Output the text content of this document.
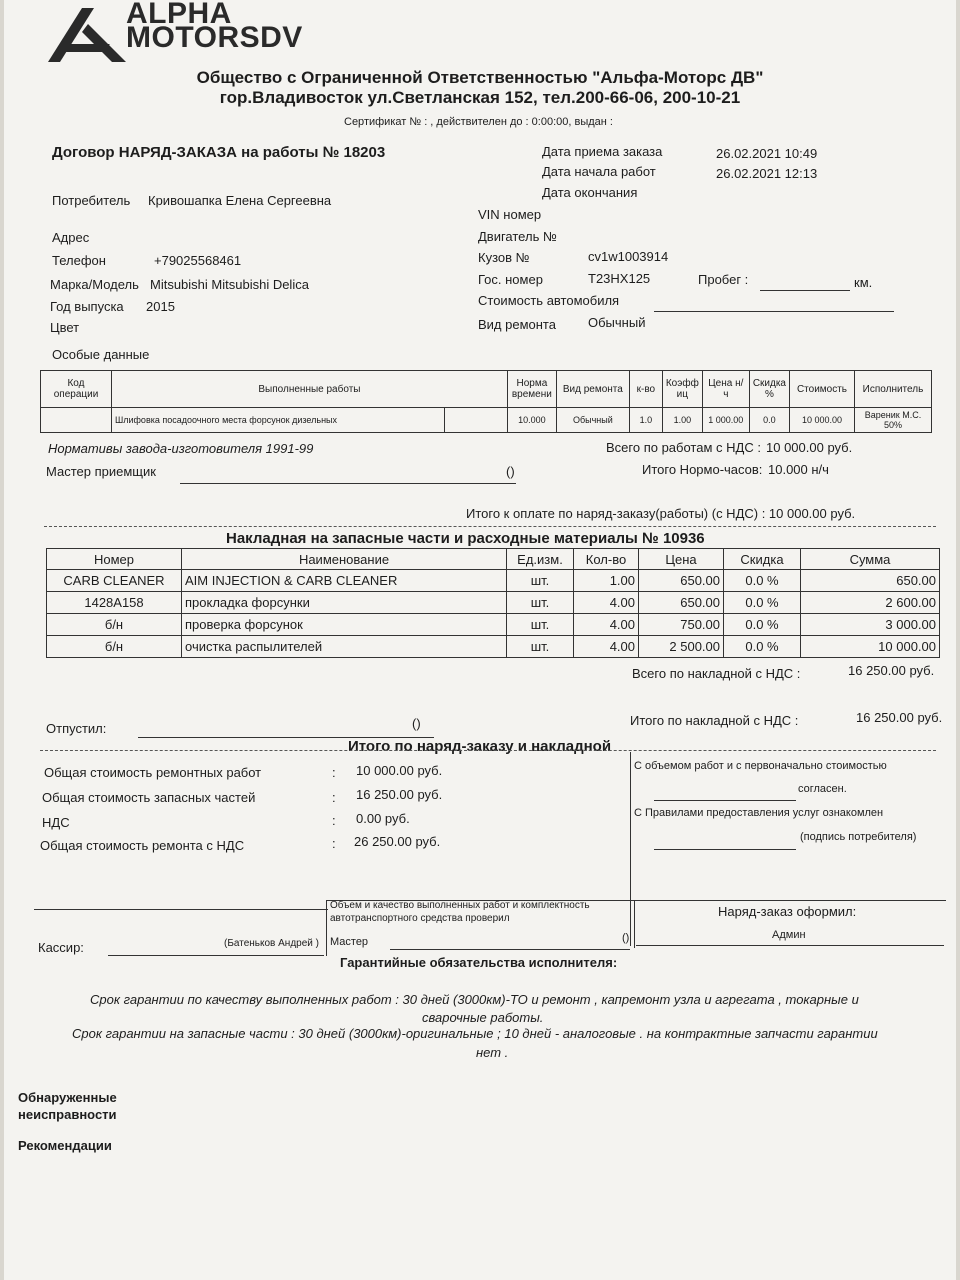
ALPHA
MOTORSDV
Общество с Ограниченной Ответственностью "Альфа-Моторс ДВ"
гор.Владивосток ул.Светланская 152, тел.200-66-06, 200-10-21
Сертификат № : , действителен до : 0:00:00, выдан :
Договор НАРЯД-ЗАКАЗА на работы № 18203	Дата приема заказа	26.02.2021 10:49
Дата начала работ	26.02.2021 12:13
Дата окончания
Потребитель Кривошапка Елена Сергеевна
Адрес
Телефон	+79025568461
Марка/Модель Mitsubishi Mitsubishi Delica
Год выпуска 2015
Цвет
Особые данные
VIN номер
Двигатель №
Кузов №	cv1w1003914
Гос. номер	Т23НХ125	Пробег :	км.
Стоимость автомобиля
Вид ремонта Обычный
Код операции	Выполненные работы		Норма времени	Вид ремонта	к-во	Коэфф иц	Цена н/ч	Скидка %	Стоимость	Исполнитель
	Шлифовка посадоочного места форсунок дизельных		10.000	Обычный	1.0	1.00	1 000.00	0.0	10 000.00	Вареник М.С. 50%
Нормативы завода-изготовителя 1991-99	Всего по работам с НДС : 10 000.00 руб.
Мастер приемщик	()	Итого Нормо-часов: 10.000 н/ч
Итого к оплате по наряд-заказу(работы) (с НДС) : 10 000.00 руб.
Накладная на запасные части и расходные материалы № 10936
Номер	Наименование	Ед.изм.	Кол-во	Цена	Скидка	Сумма
CARB CLEANER	AIM INJECTION & CARB CLEANER	шт.	1.00	650.00	0.0 %	650.00
1428A158	прокладка форсунки	шт.	4.00	650.00	0.0 %	2 600.00
б/н	проверка форсунок	шт.	4.00	750.00	0.0 %	3 000.00
б/н	очистка распылителей	шт.	4.00	2 500.00	0.0 %	10 000.00
Всего по накладной с НДС :	16 250.00 руб.
Отпустил:	()	Итого по накладной с НДС :	16 250.00 руб.
Итого по наряд-заказу и накладной
Общая стоимость ремонтных работ	: 10 000.00 руб.
Общая стоимость запасных частей	: 16 250.00 руб.
НДС	: 0.00 руб.
Общая стоимость ремонта с НДС	: 26 250.00 руб.
С объемом работ и с первоначально стоимостью
согласен.
С Правилами предоставления услуг ознакомлен
(подпись потребителя)
Кассир:	(Батеньков Андрей )
Объем и качество выполненных работ и комплектность
автотранспортного средства проверил
Мастер	()
Наряд-заказ оформил:
Админ
Гарантийные обязательства исполнителя:
Срок гарантии по качеству выполненных работ : 30 дней (3000км)-ТО и ремонт , капремонт узла и агрегата , токарные и
сварочные работы.
Срок гарантии на запасные части : 30 дней (3000км)-оригинальные ; 10 дней - аналоговые . на контрактные запчасти гарантии
нет .
Обнаруженные
неисправности
Рекомендации
